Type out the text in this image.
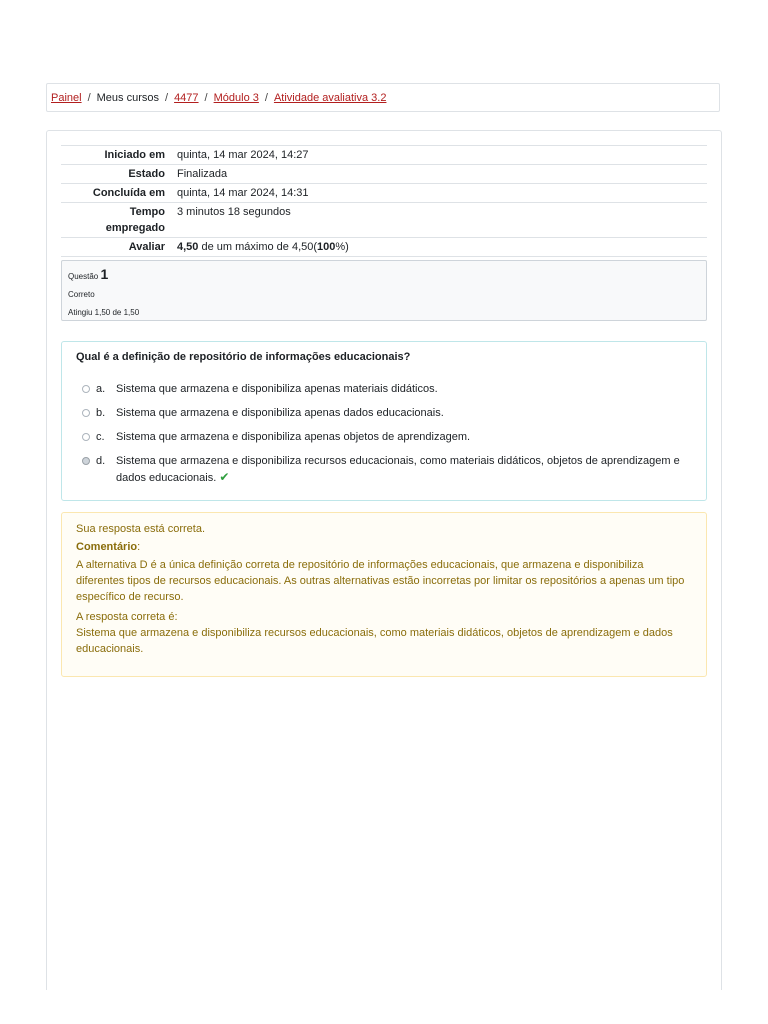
Painel / Meus cursos / 4477 / Módulo 3 / Atividade avaliativa 3.2
Iniciado em	quinta, 14 mar 2024, 14:27
Estado	Finalizada
Concluída em	quinta, 14 mar 2024, 14:31
Tempo
empregado	3 minutos 18 segundos
Avaliar	4,50 de um máximo de 4,50(100%)
Questão 1
Correto
Atingiu 1,50 de 1,50
Qual é a definição de repositório de informações educacionais?
a. Sistema que armazena e disponibiliza apenas materiais didáticos.
b. Sistema que armazena e disponibiliza apenas dados educacionais.
c.	Sistema que armazena e disponibiliza apenas objetos de aprendizagem.
d. Sistema que armazena e disponibiliza recursos educacionais, como materiais didáticos, objetos de aprendizagem e dados educacionais. ✔

Sua resposta está correta.

Comentário:

A alternativa D é a única definição correta de repositório de informações educacionais, que armazena e disponibiliza diferentes tipos de recursos educacionais. As outras alternativas estão incorretas por limitar os repositórios a apenas um tipo específico de recurso.

A resposta correta é:

Sistema que armazena e disponibiliza recursos educacionais, como materiais didáticos, objetos de aprendizagem e dados educacionais.
